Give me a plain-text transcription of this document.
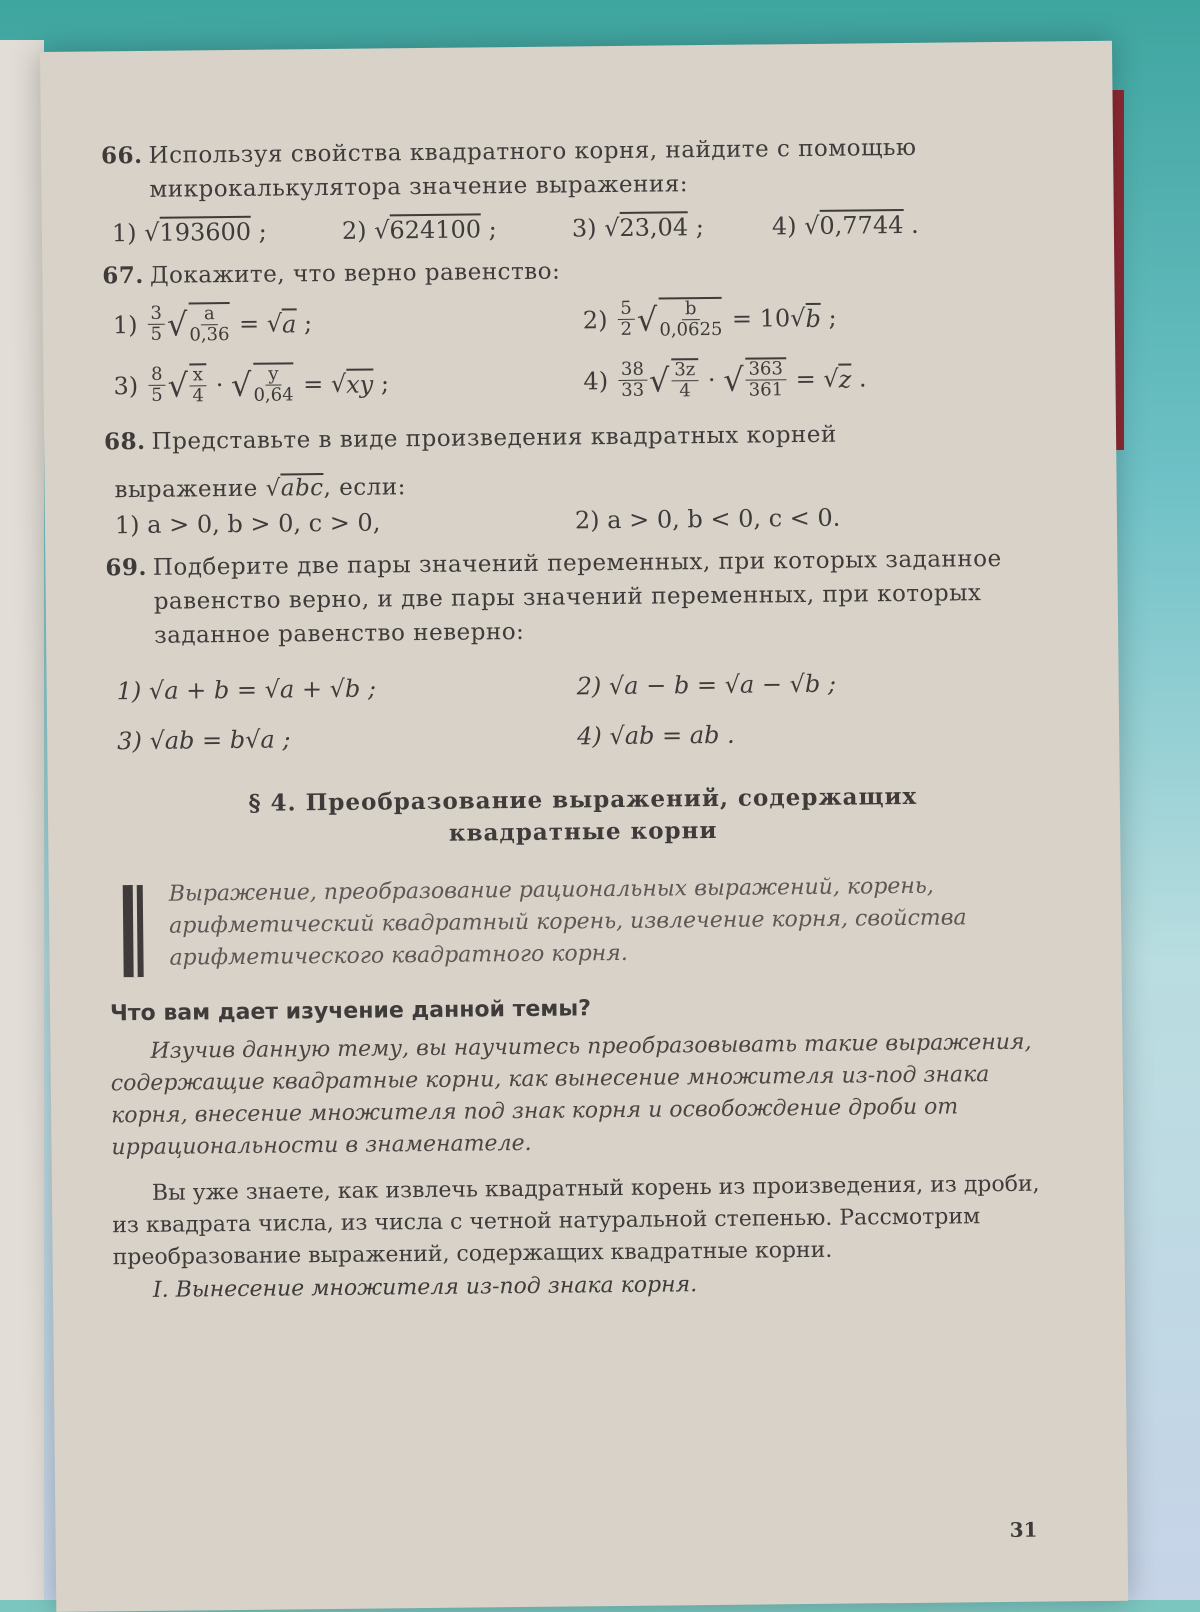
66. Используя свойства квадратного корня, найдите с помощью микрокалькулятора значение выражения:
1) √193600 ;	2) √624100 ;	3) √23,04 ;	4) √0,7744 .
67. Докажите, что верно равенство:
$1) \frac{3}{5}$ √ $\frac{a}{0,36}$ = √ a
;	$2) \frac{5}{2}$ √ $\frac{b}{0,0625} = 10$ √ b
;
$3) \frac{8}{5}$ √ $\frac{x}{4}$ · √ $\frac{y}{0,64}$ = √ xy
;	$4) \frac{38}{33}$ √ $\frac{3z}{4}$ · √ $\frac{363}{361}$ = √ z
.
68. Представьте в виде произведения квадратных корней
выражение √abc, если:
1) a > 0, b > 0, c > 0,	2) a > 0, b < 0, c < 0.
69. Подберите две пары значений переменных, при которых заданное равенство верно, и две пары значений переменных, при которых заданное равенство неверно:
1) √a + b = √a + √b ;	2) √a − b = √a − √b ;
3) √ab = b√a ;	4) √ab = ab .
§ 4. Преобразование выражений, содержащих
квадратные корни
Выражение, преобразование рациональных выражений, корень, арифметический квадратный корень, извлечение корня, свойства арифметического квадратного корня.
Что вам дает изучение данной темы?
Изучив данную тему, вы научитесь преобразовывать такие выражения, содержащие квадратные корни, как вынесение множителя из-под знака корня, внесение множителя под знак корня и освобождение дроби от иррациональности в знаменателе.
Вы уже знаете, как извлечь квадратный корень из произведения, из дроби, из квадрата числа, из числа с четной натуральной степенью. Рассмотрим преобразование выражений, содержащих квадратные корни.
I. Вынесение множителя из-под знака корня.
31
